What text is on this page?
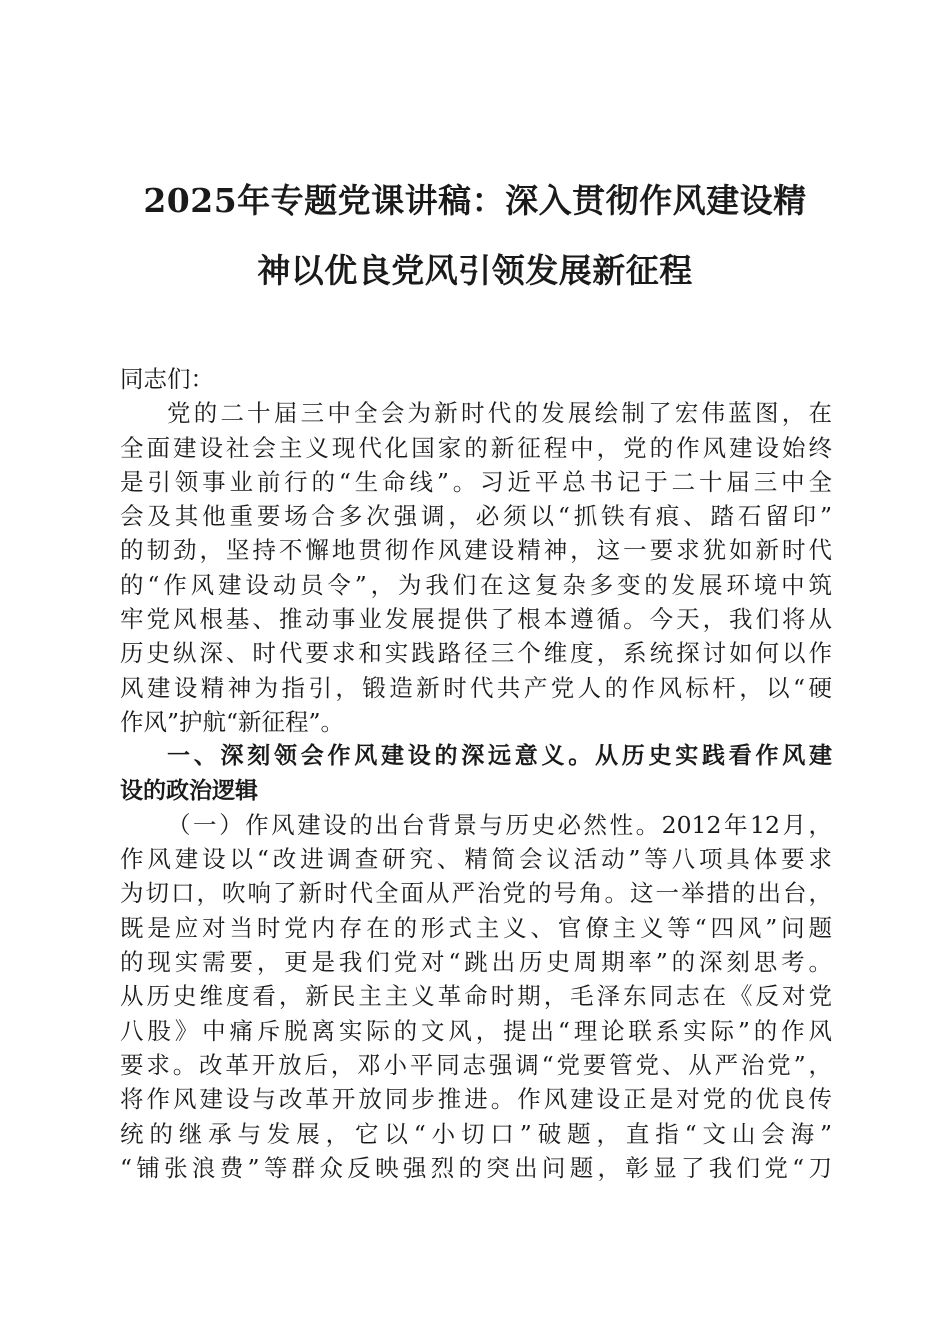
2025年专题党课讲稿：深入贯彻作风建设精
神以优良党风引领发展新征程
同志们：
党的二十届三中全会为新时代的发展绘制了宏伟蓝图，在
全面建设社会主义现代化国家的新征程中，党的作风建设始终
是引领事业前行的“生命线”。习近平总书记于二十届三中全
会及其他重要场合多次强调，必须以“抓铁有痕、踏石留印”
的韧劲，坚持不懈地贯彻作风建设精神，这一要求犹如新时代
的“作风建设动员令”，为我们在这复杂多变的发展环境中筑
牢党风根基、推动事业发展提供了根本遵循。今天，我们将从
历史纵深、时代要求和实践路径三个维度，系统探讨如何以作
风建设精神为指引，锻造新时代共产党人的作风标杆，以“硬
作风”护航“新征程”。
一、深刻领会作风建设的深远意义。从历史实践看作风建
设的政治逻辑
（一）作风建设的出台背景与历史必然性。2012年12月，
作风建设以“改进调查研究、精简会议活动”等八项具体要求
为切口，吹响了新时代全面从严治党的号角。这一举措的出台，
既是应对当时党内存在的形式主义、官僚主义等“四风”问题
的现实需要，更是我们党对“跳出历史周期率”的深刻思考。
从历史维度看，新民主主义革命时期，毛泽东同志在《反对党
八股》中痛斥脱离实际的文风，提出“理论联系实际”的作风
要求。改革开放后，邓小平同志强调“党要管党、从严治党”，
将作风建设与改革开放同步推进。作风建设正是对党的优良传
统的继承与发展，它以“小切口”破题，直指“文山会海”
“铺张浪费”等群众反映强烈的突出问题，彰显了我们党“刀
